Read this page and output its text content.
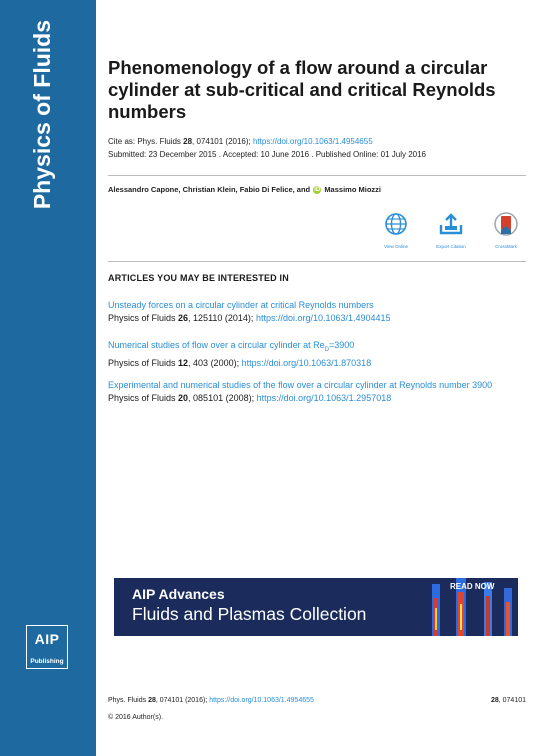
Physics of Fluids
AIP
Publishing
Phenomenology of a flow around a circular cylinder at sub-critical and critical Reynolds numbers
Cite as: Phys. Fluids 28, 074101 (2016); https://doi.org/10.1063/1.4954655
Submitted: 23 December 2015 . Accepted: 10 June 2016 . Published Online: 01 July 2016
Alessandro Capone, Christian Klein, Fabio Di Felice, and iD Massimo Miozzi
View Online	Export Citation	CrossMark
ARTICLES YOU MAY BE INTERESTED IN
Unsteady forces on a circular cylinder at critical Reynolds numbers
Physics of Fluids 26, 125110 (2014); https://doi.org/10.1063/1.4904415
Numerical studies of flow over a circular cylinder at $Re_D=3900$
Physics of Fluids 12, 403 (2000); https://doi.org/10.1063/1.870318
Experimental and numerical studies of the flow over a circular cylinder at Reynolds number 3900
Physics of Fluids 20, 085101 (2008); https://doi.org/10.1063/1.2957018
AIP Advances
Fluids and Plasmas Collection
READ NOW
Phys. Fluids 28, 074101 (2016); https://doi.org/10.1063/1.4954655	28, 074101
© 2016 Author(s).
